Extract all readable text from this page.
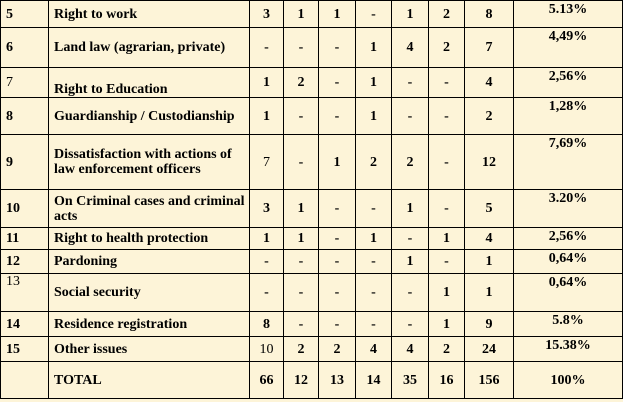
5	Right to work	3	1	1	-	1	2	8	5.13%
6	Land law (agrarian, private)	-	-	-	1	4	2	7	4,49%
7	Right to Education	1	2	-	1	-	-	4	2,56%
8	Guardianship / Custodianship	1	-	-	1	-	-	2	1,28%
9	Dissatisfaction with actions of law enforcement officers	7	-	1	2	2	-	12	7,69%
10	On Criminal cases and criminal acts	3	1	-	-	1	-	5	3.20%
11	Right to health protection	1	1	-	1	-	1	4	2,56%
12	Pardoning	-	-	-	-	1	-	1	0,64%
13	Social security	-	-	-	-	-	1	1	0,64%
14	Residence registration	8	-	-	-	-	1	9	5.8%
15	Other issues	10	2	2	4	4	2	24	15.38%
	TOTAL	66	12	13	14	35	16	156	100%
